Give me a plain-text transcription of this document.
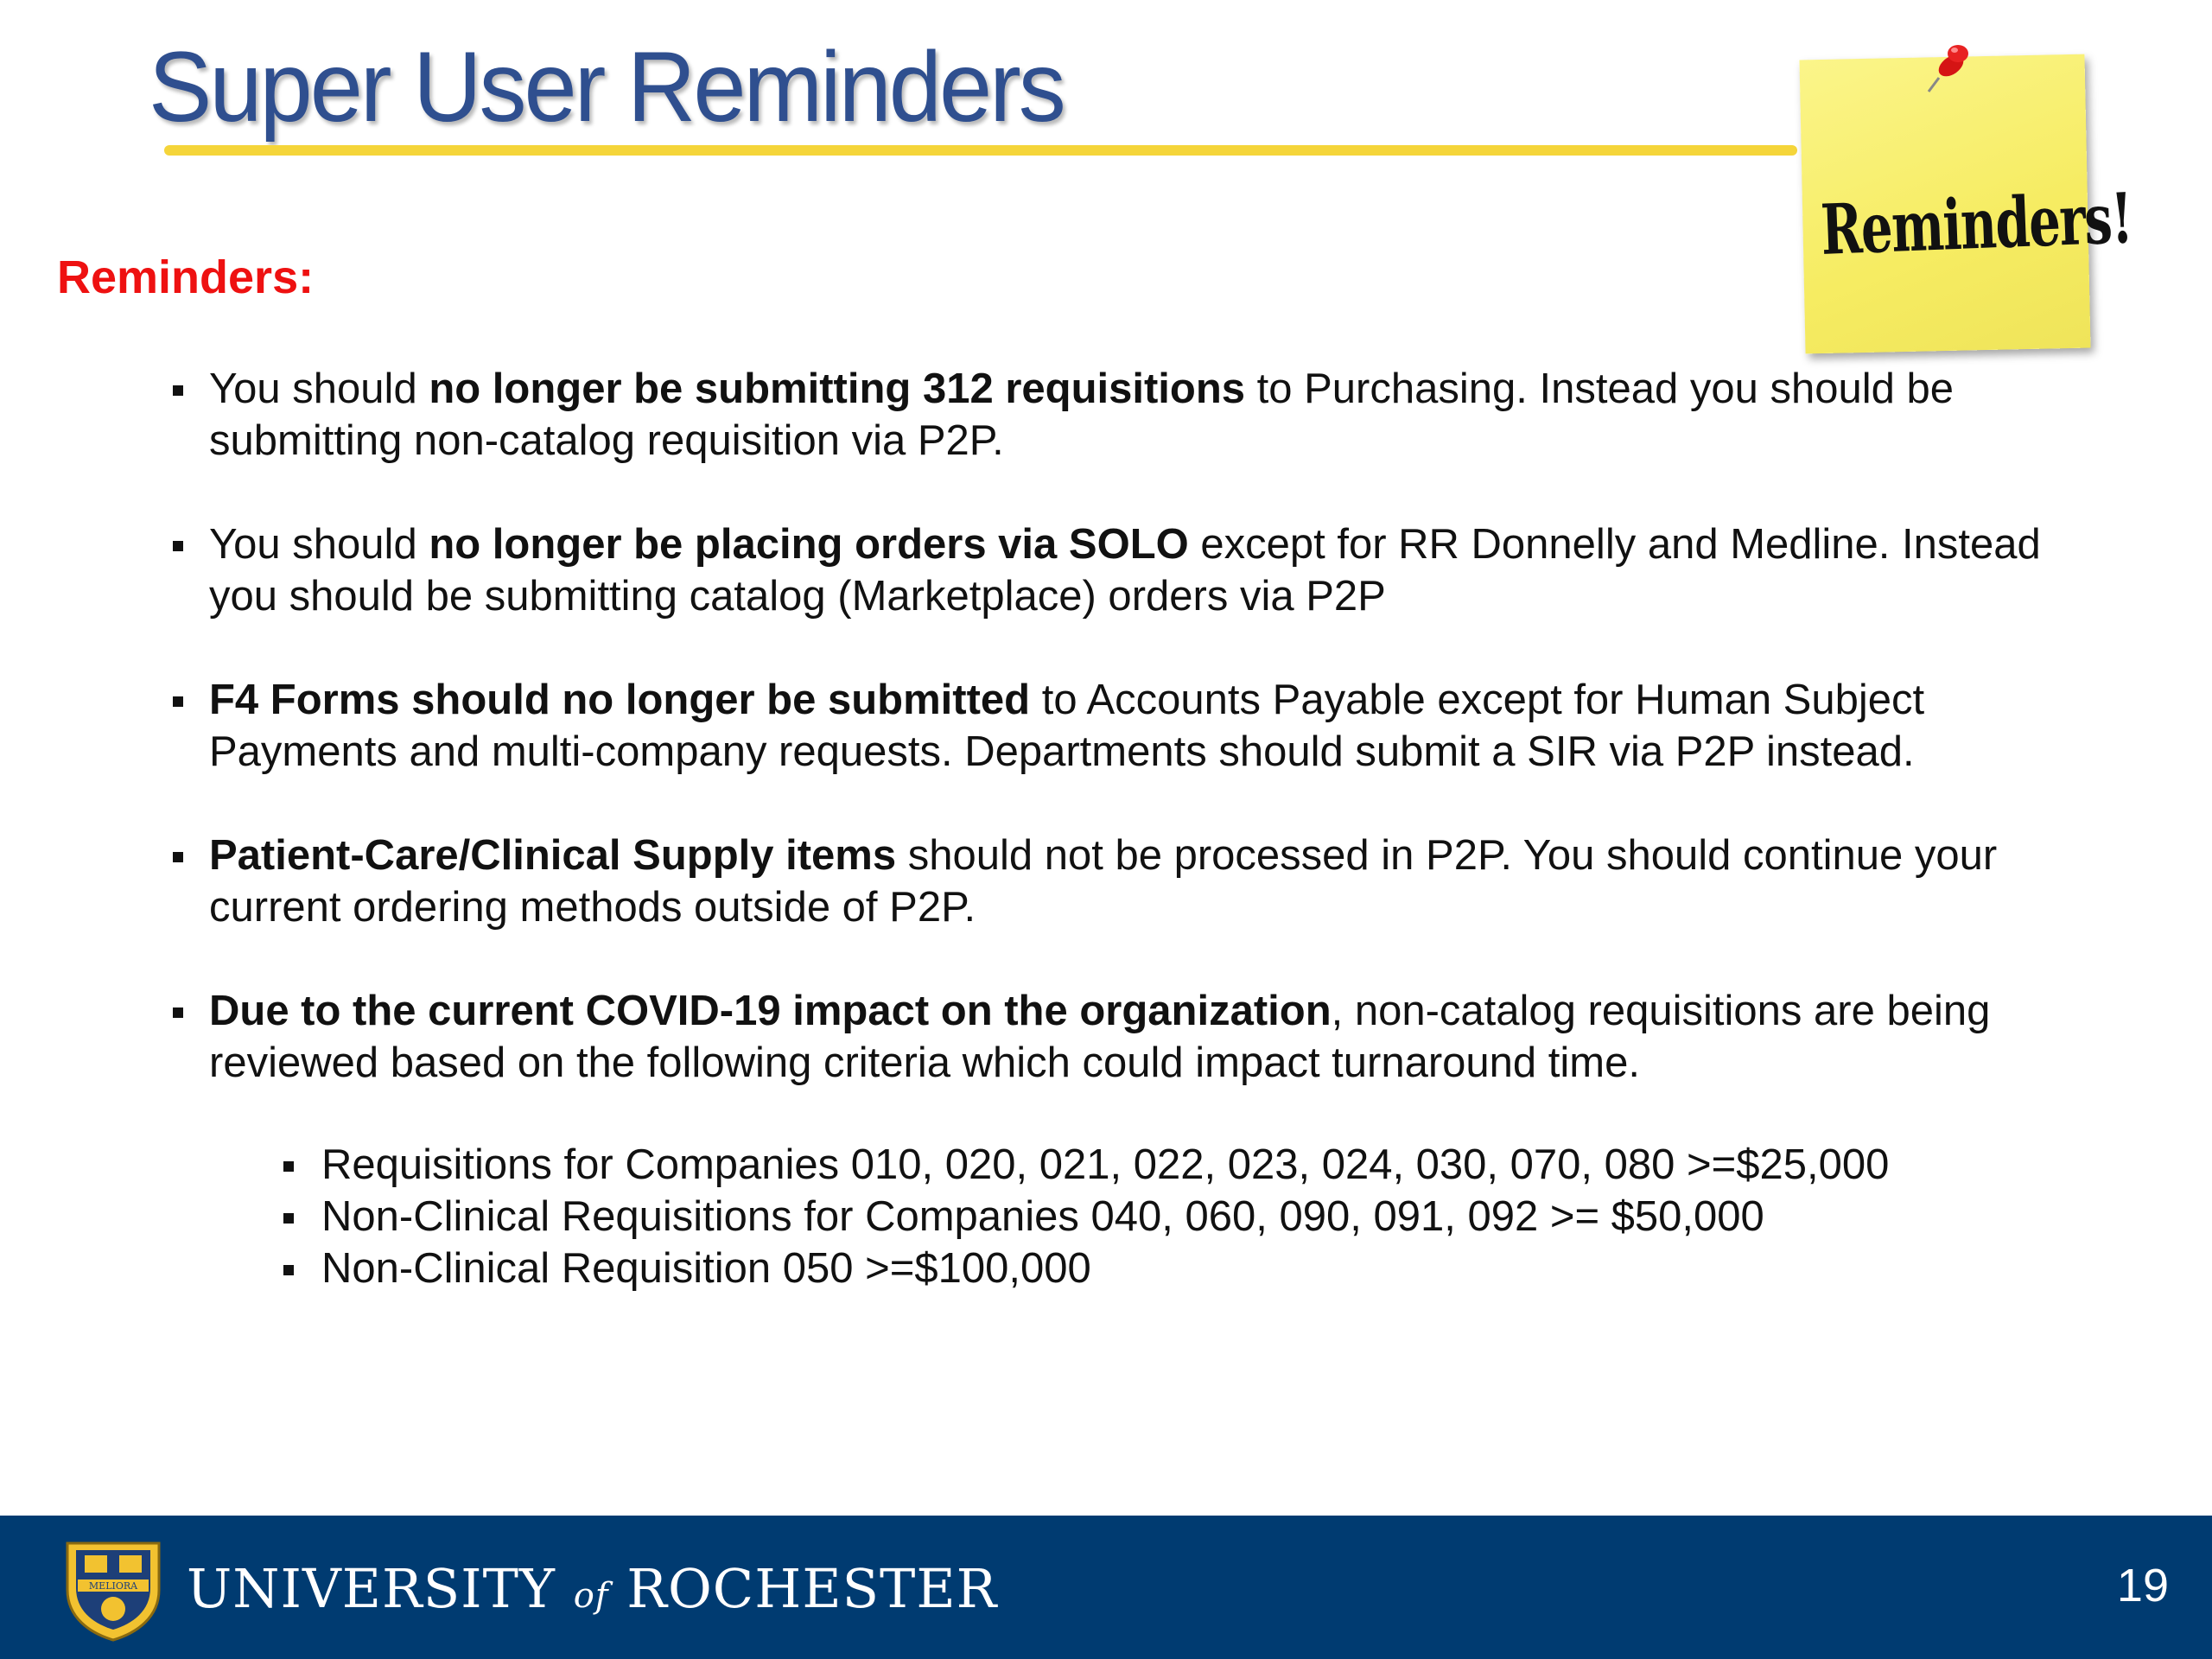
Super User Reminders
Reminders!
Reminders:
You should no longer be submitting 312 requisitions to Purchasing. Instead you should be submitting non-catalog requisition via P2P.
You should no longer be placing orders via SOLO except for RR Donnelly and Medline. Instead you should be submitting catalog (Marketplace) orders via P2P
F4 Forms should no longer be submitted to Accounts Payable except for Human Subject Payments and multi-company requests. Departments should submit a SIR via P2P instead.
Patient-Care/Clinical Supply items should not be processed in P2P. You should continue your current ordering methods outside of P2P.
Due to the current COVID-19 impact on the organization, non-catalog requisitions are being reviewed based on the following criteria which could impact turnaround time.
Requisitions for Companies 010, 020, 021, 022, 023, 024, 030, 070, 080 >=$25,000
Non-Clinical Requisitions for Companies 040, 060, 090, 091, 092 >= $50,000
Non-Clinical Requisition 050 >=$100,000
MELIORA UNIVERSITY of ROCHESTER	19
